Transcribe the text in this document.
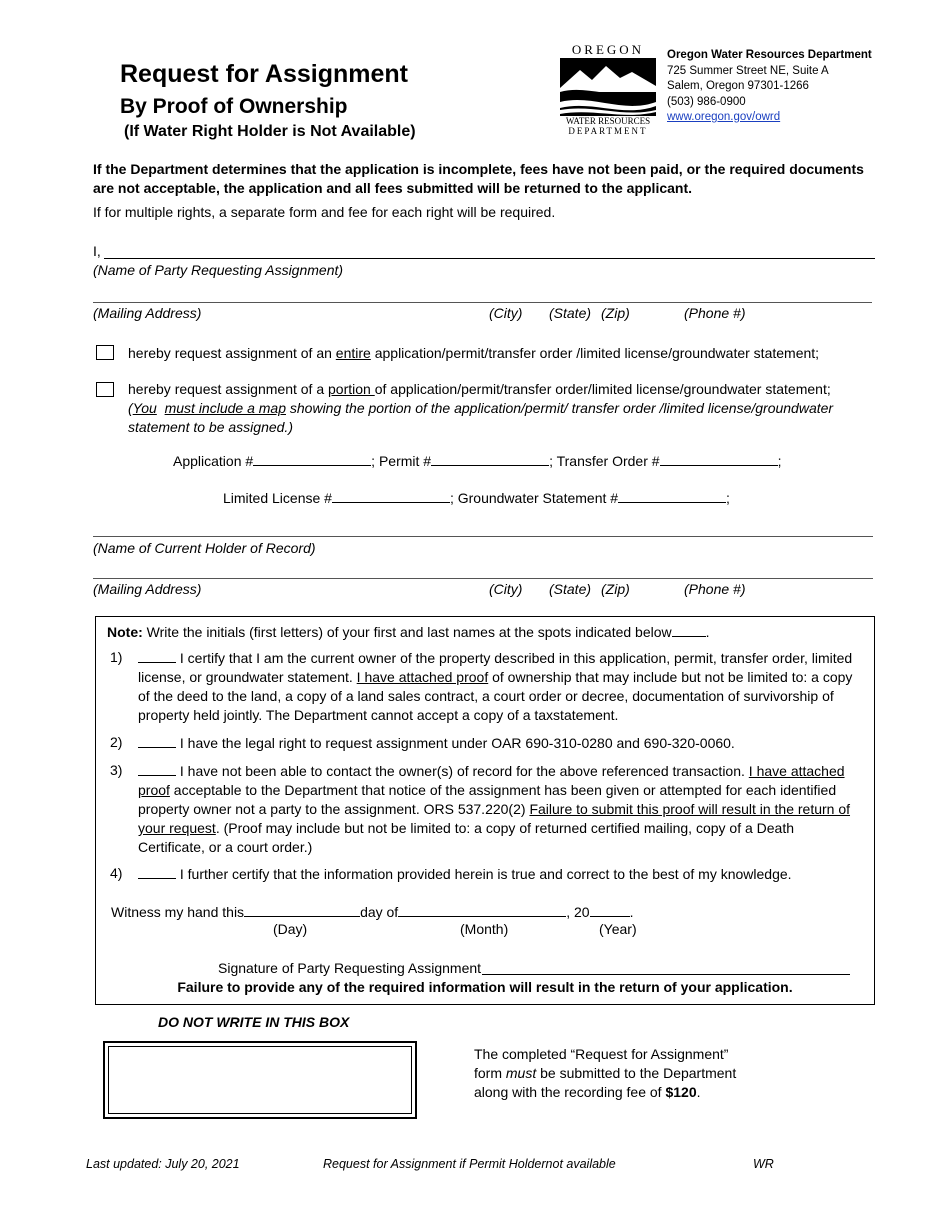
Request for Assignment
By Proof of Ownership
(If Water Right Holder is Not Available)
OREGON
WATER RESOURCES
DEPARTMENT
Oregon Water Resources Department
725 Summer Street NE, Suite A
Salem, Oregon 97301-1266
(503) 986-0900
www.oregon.gov/owrd
If the Department determines that the application is incomplete, fees have not been paid, or the required documents are not acceptable, the application and all fees submitted will be returned to the applicant.
If for multiple rights, a separate form and fee for each right will be required.
I,
(Name of Party Requesting Assignment)
(Mailing Address)	(City) (State) (Zip)	(Phone #)
hereby request assignment of an entire application/permit/transfer order /limited license/groundwater statement;
hereby request assignment of a portion of application/permit/transfer order/limited license/groundwater statement;
(You must include a map showing the portion of the application/permit/ transfer order /limited license/groundwater statement to be assigned.)
Application #	; Permit #	; Transfer Order #	;
Limited License #	; Groundwater Statement #	;
(Name of Current Holder of Record)
(Mailing Address)	(City) (State) (Zip)	(Phone #)
Note: Write the initials (first letters) of your first and last names at the spots indicated below .
1)	I certify that I am the current owner of the property described in this application, permit, transfer order, limited license, or groundwater statement. I have attached proof of ownership that may include but not be limited to: a copy of the deed to the land, a copy of a land sales contract, a court order or decree, documentation of survivorship of property held jointly. The Department cannot accept a copy of a taxstatement.
2)	I have the legal right to request assignment under OAR 690-310-0280 and 690-320-0060.
3)	I have not been able to contact the owner(s) of record for the above referenced transaction. I have attached proof acceptable to the Department that notice of the assignment has been given or attempted for each identified property owner not a party to the assignment. ORS 537.220(2) Failure to submit this proof will result in the return of your request. (Proof may include but not be limited to: a copy of returned certified mailing, copy of a Death Certificate, or a court order.)
4)	I further certify that the information provided herein is true and correct to the best of my knowledge.
Witness my hand this	day of	, 20	.
(Day)	(Month)	(Year)
Signature of Party Requesting Assignment
Failure to provide any of the required information will result in the return of your application.
DO NOT WRITE IN THIS BOX
The completed “Request for Assignment”
form must be submitted to the Department
along with the recording fee of $120.
Last updated: July 20, 2021	Request for Assignment if Permit Holdernot available	WR
